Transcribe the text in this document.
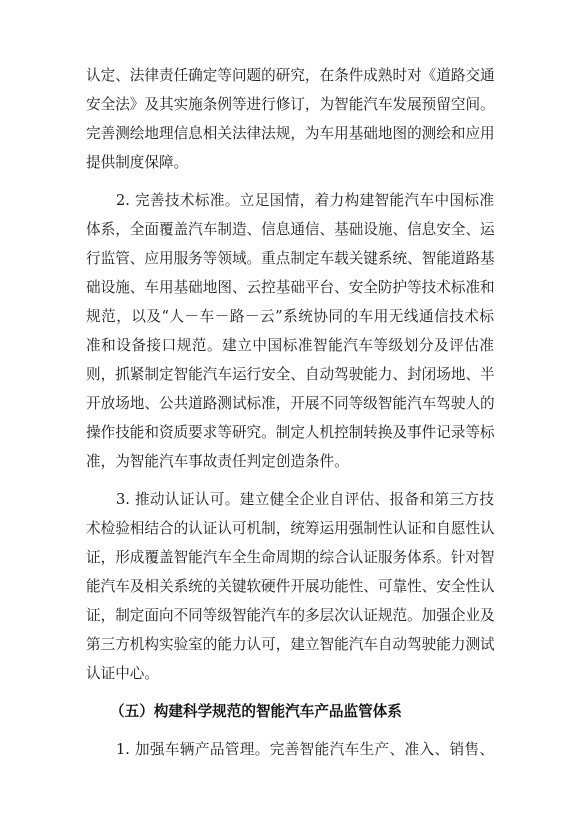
认定、法律责任确定等问题的研究，在条件成熟时对《道路交通
安全法》及其实施条例等进行修订，为智能汽车发展预留空间。
完善测绘地理信息相关法律法规，为车用基础地图的测绘和应用
提供制度保障。
2. 完善技术标准。立足国情，着力构建智能汽车中国标准
体系，全面覆盖汽车制造、信息通信、基础设施、信息安全、运
行监管、应用服务等领域。重点制定车载关键系统、智能道路基
础设施、车用基础地图、云控基础平台、安全防护等技术标准和
规范，以及“人－车－路－云”系统协同的车用无线通信技术标
准和设备接口规范。建立中国标准智能汽车等级划分及评估准
则，抓紧制定智能汽车运行安全、自动驾驶能力、封闭场地、半
开放场地、公共道路测试标准，开展不同等级智能汽车驾驶人的
操作技能和资质要求等研究。制定人机控制转换及事件记录等标
准，为智能汽车事故责任判定创造条件。
3. 推动认证认可。建立健全企业自评估、报备和第三方技
术检验相结合的认证认可机制，统筹运用强制性认证和自愿性认
证，形成覆盖智能汽车全生命周期的综合认证服务体系。针对智
能汽车及相关系统的关键软硬件开展功能性、可靠性、安全性认
证，制定面向不同等级智能汽车的多层次认证规范。加强企业及
第三方机构实验室的能力认可，建立智能汽车自动驾驶能力测试
认证中心。
（五）构建科学规范的智能汽车产品监管体系
1. 加强车辆产品管理。完善智能汽车生产、准入、销售、
